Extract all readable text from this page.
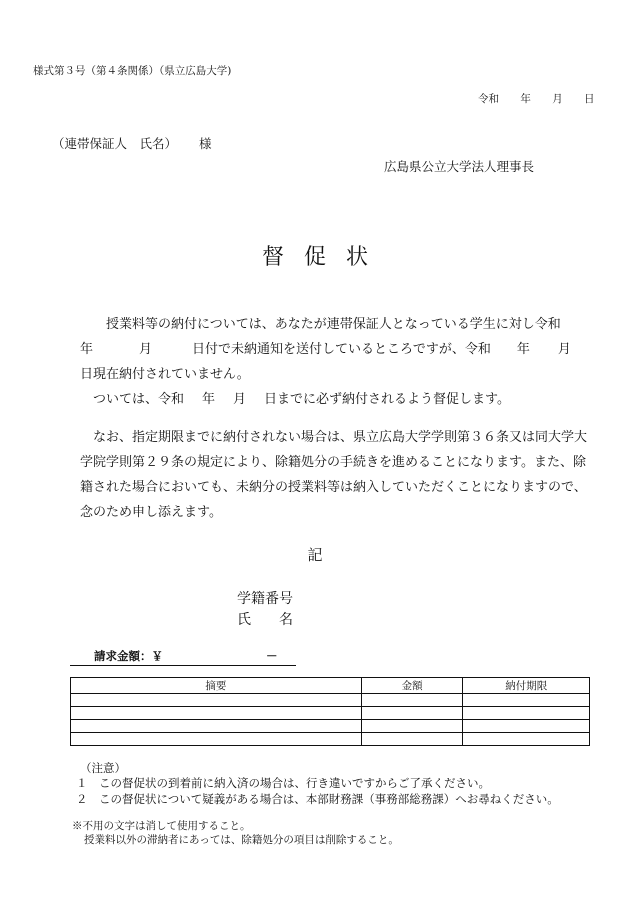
様式第３号（第４条関係）（県立広島大学)
令和 年 月 日
（連帯保証人　氏名） 様
広島県公立大学法人理事長
督促状
授業料等の納付については、あなたが連帯保証人となっている学生に対し令和
年	月	日付で未納通知を送付しているところですが、令和 年 月
日現在納付されていません。
ついては、令和 年 月 日までに必ず納付されるよう督促します。
なお、指定期限までに納付されない場合は、県立広島大学学則第３６条又は同大学大学院学則第２９条の規定により、除籍処分の手続きを進めることになります。また、除籍された場合においても、未納分の授業料等は納入していただくことになりますので、念のため申し添えます。
記
学籍番号
氏 名
請求金額：￥	－
摘要	金額	納付期限

（注意）
１　この督促状の到着前に納入済の場合は、行き違いですからご了承ください。
２　この督促状について疑義がある場合は、本部財務課（事務部総務課）へお尋ねください。
※不用の文字は消して使用すること。
授業料以外の滞納者にあっては、除籍処分の項目は削除すること。
